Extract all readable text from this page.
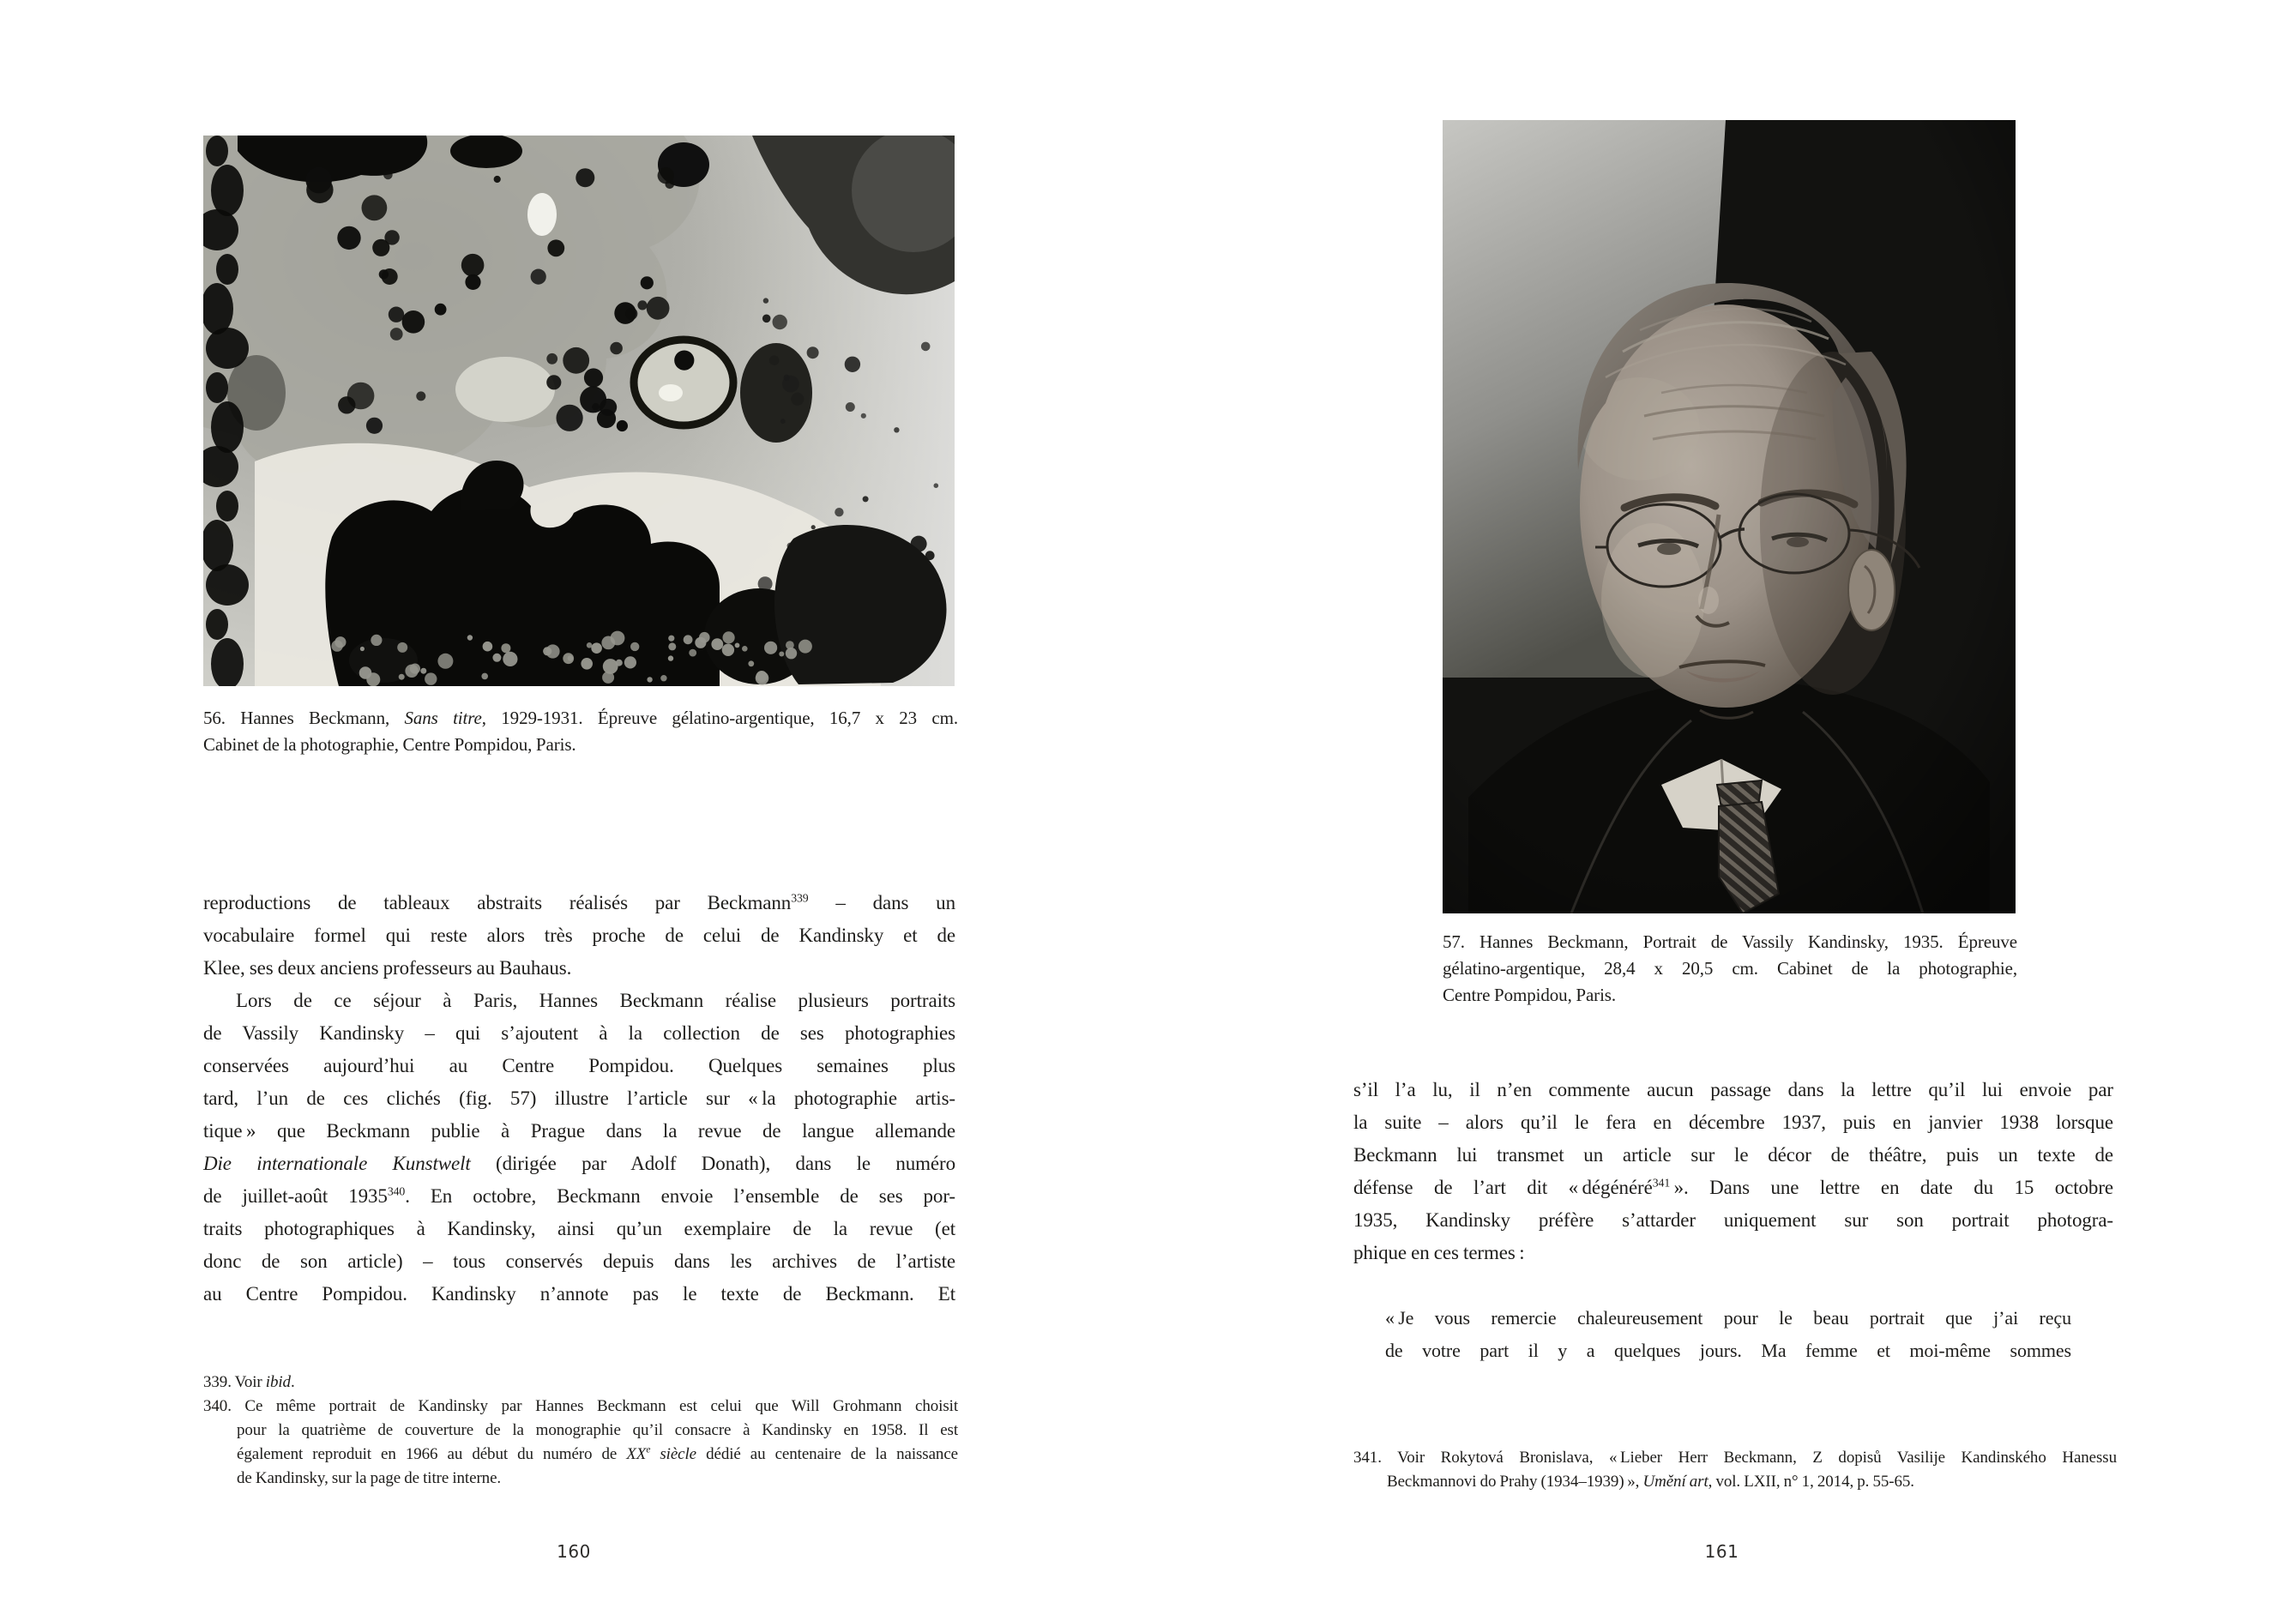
56. Hannes Beckmann, Sans titre, 1929-1931. Épreuve gélatino-argentique, 16,7 x 23 cm.
Cabinet de la photographie, Centre Pompidou, Paris.
reproductions de tableaux abstraits réalisés par Beckmann$^{339}$ – dans un
vocabulaire formel qui reste alors très proche de celui de Kandinsky et de
Klee, ses deux anciens professeurs au Bauhaus.
Lors de ce séjour à Paris, Hannes Beckmann réalise plusieurs portraits
de Vassily Kandinsky – qui s’ajoutent à la collection de ses photographies
conservées aujourd’hui au Centre Pompidou. Quelques semaines plus
tard, l’un de ces clichés (fig. 57) illustre l’article sur « la photographie artis-
tique » que Beckmann publie à Prague dans la revue de langue allemande
Die internationale Kunstwelt (dirigée par Adolf Donath), dans le numéro
de juillet-août 1935$^{340}$. En octobre, Beckmann envoie l’ensemble de ses por-
traits photographiques à Kandinsky, ainsi qu’un exemplaire de la revue (et
donc de son article) – tous conservés depuis dans les archives de l’artiste
au Centre Pompidou. Kandinsky n’annote pas le texte de Beckmann. Et
339. Voir ibid.
340. Ce même portrait de Kandinsky par Hannes Beckmann est celui que Will Grohmann choisit
pour la quatrième de couverture de la monographie qu’il consacre à Kandinsky en 1958. Il est
également reproduit en 1966 au début du numéro de XXe siècle dédié au centenaire de la naissance
de Kandinsky, sur la page de titre interne.
160
57. Hannes Beckmann, Portrait de Vassily Kandinsky, 1935. Épreuve
gélatino-argentique, 28,4 x 20,5 cm. Cabinet de la photographie,
Centre Pompidou, Paris.
s’il l’a lu, il n’en commente aucun passage dans la lettre qu’il lui envoie par
la suite – alors qu’il le fera en décembre 1937, puis en janvier 1938 lorsque
Beckmann lui transmet un article sur le décor de théâtre, puis un texte de
défense de l’art dit « dégénéré$^{341}$ ». Dans une lettre en date du 15 octobre
1935, Kandinsky préfère s’attarder uniquement sur son portrait photogra-
phique en ces termes :
« Je vous remercie chaleureusement pour le beau portrait que j’ai reçu
de votre part il y a quelques jours. Ma femme et moi-même sommes
341. Voir Rokytová Bronislava, « Lieber Herr Beckmann, Z dopisů Vasilije Kandinského Hanessu
Beckmannovi do Prahy (1934–1939) », Umění art, vol. LXII, n° 1, 2014, p. 55-65.
161
